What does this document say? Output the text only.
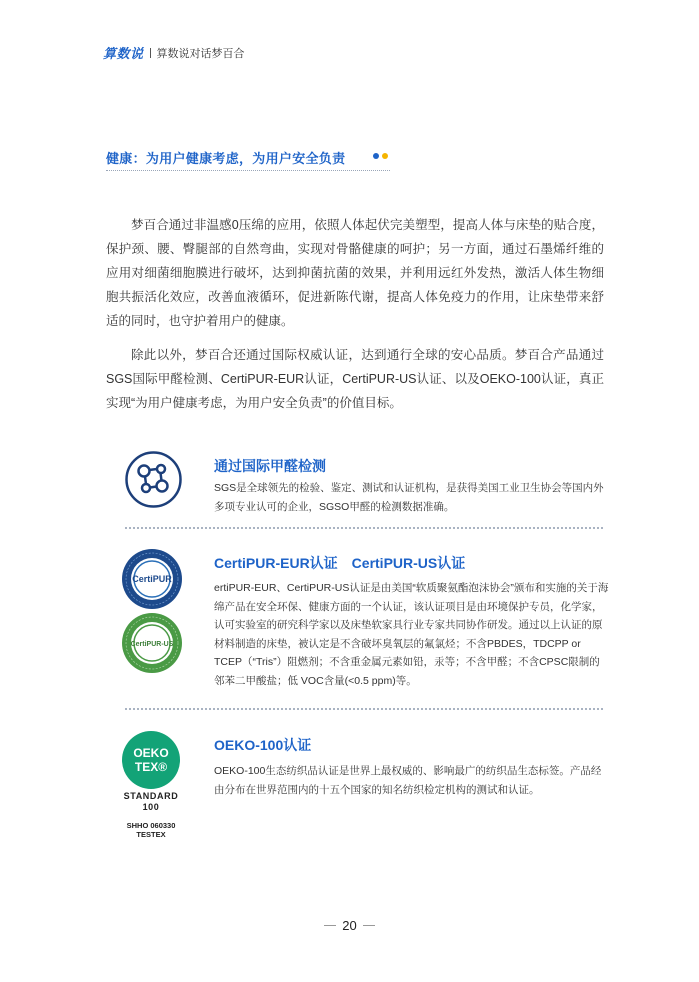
算数说 算数说对话梦百合
健康：为用户健康考虑，为用户安全负责

梦百合通过非温感0压绵的应用，依照人体起伏完美塑型，提高人体与床垫的贴合度，保护颈、腰、臀腿部的自然弯曲，实现对骨骼健康的呵护；另一方面，通过石墨烯纤维的应用对细菌细胞膜进行破坏，达到抑菌抗菌的效果，并利用远红外发热，激活人体生物细胞共振活化效应，改善血液循环，促进新陈代谢，提高人体免疫力的作用，让床垫带来舒适的同时，也守护着用户的健康。

除此以外，梦百合还通过国际权威认证，达到通行全球的安心品质。梦百合产品通过SGS国际甲醛检测、CertiPUR-EUR认证，CertiPUR-US认证、以及OEKO-100认证，真正实现“为用户健康考虑，为用户安全负责”的价值目标。

通过国际甲醛检测

SGS是全球领先的检验、鉴定、测试和认证机构，是获得美国工业卫生协会等国内外多项专业认可的企业，SGSO甲醛的检测数据准确。

CertiPUR
CertiPUR-US
CertiPUR-EUR认证　CertiPUR-US认证

ertiPUR-EUR、CertiPUR-US认证是由美国“软质聚氨酯泡沫协会”颁布和实施的关于海绵产品在安全环保、健康方面的一个认证，该认证项目是由环境保护专员，化学家，认可实验室的研究科学家以及床垫软家具行业专家共同协作研发。通过以上认证的原材料制造的床垫，被认定是不含破坏臭氧层的氟氯烃；不含PBDES，TDCPP or TCEP（“Tris”）阻燃剂；不含重金属元素如铅，汞等；不含甲醛；不含CPSC限制的邻苯二甲酸盐；低 VOC含量(<0.5 ppm)等。

OEKO
TEX®
STANDARD
100
SHHO 060330
TESTEX
OEKO-100认证

OEKO-100生态纺织品认证是世界上最权威的、影响最广的纺织品生态标签。产品经由分布在世界范围内的十五个国家的知名纺织检定机构的测试和认证。

20
